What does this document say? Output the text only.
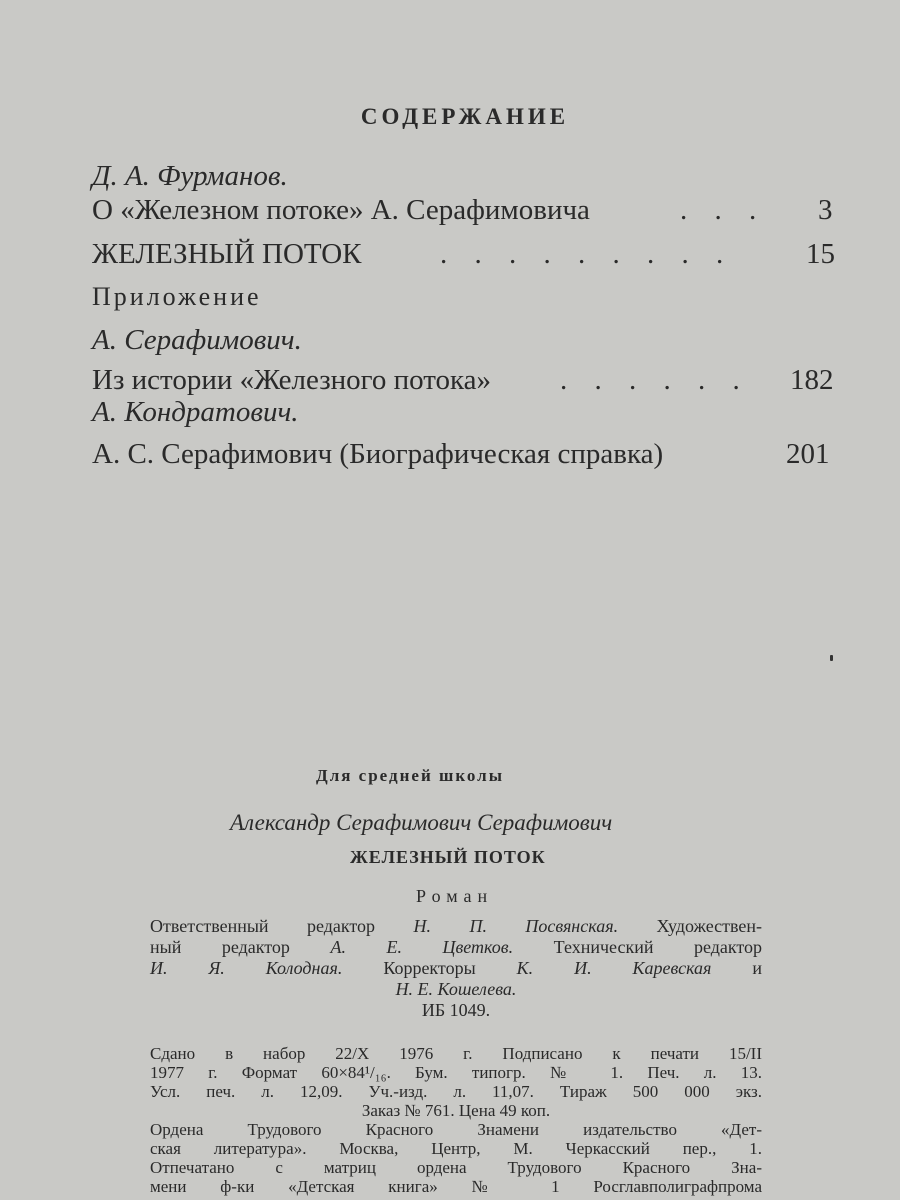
СОДЕРЖАНИЕ
Д. А. Фурманов.
О «Железном потоке» А. Серафимовича	. . . 3
ЖЕЛЕЗНЫЙ ПОТОК	. . . . . . . . .	15
Приложение
А. Серафимович.
Из истории «Железного потока» . . . . . . 182
А. Кондратович.
А. С. Серафимович (Биографическая справка)	201
Для средней школы
Александр Серафимович Серафимович
ЖЕЛЕЗНЫЙ ПОТОК
Роман
Ответственный редактор Н. П. Посвянская. Художествен-
ный редактор А. Е. Цветков. Технический редактор
И. Я. Колодная. Корректоры К. И. Каревская и
Н. Е. Кошелева.
ИБ 1049.
Сдано в набор 22/X 1976 г. Подписано к печати 15/II
1977 г. Формат 60×84¹/₁₆. Бум. типогр. № 1. Печ. л. 13.
Усл. печ. л. 12,09. Уч.-изд. л. 11,07. Тираж 500 000 экз.
Заказ № 761. Цена 49 коп.
Ордена Трудового Красного Знамени издательство «Дет-
ская литература». Москва, Центр, М. Черкасский пер., 1.
Отпечатано с матриц ордена Трудового Красного Зна-
мени ф-ки «Детская книга» № 1 Росглавполиграфпрома
